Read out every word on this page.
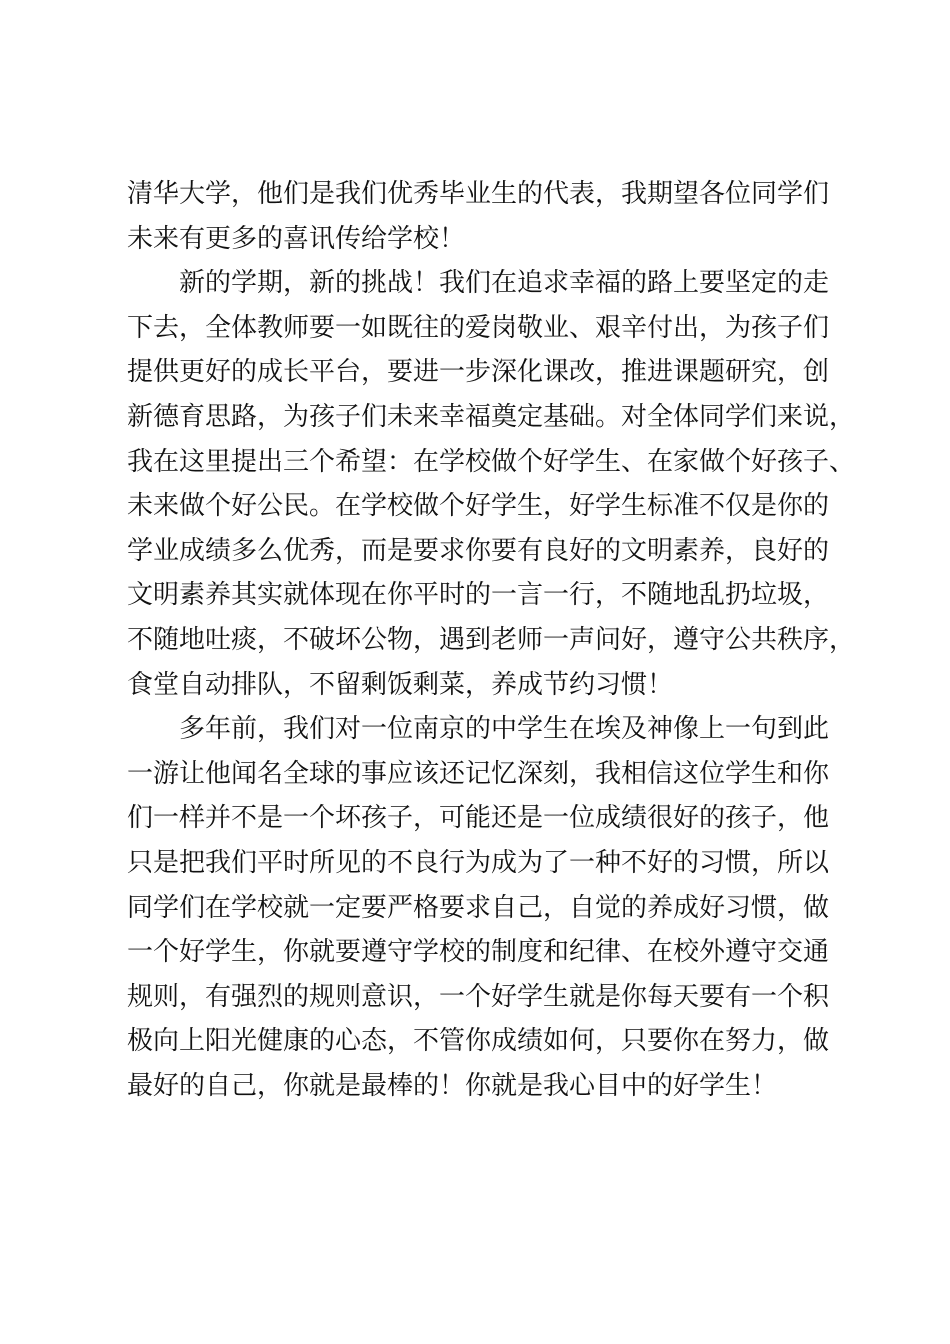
清华大学，他们是我们优秀毕业生的代表，我期望各位同学们
未来有更多的喜讯传给学校！
新的学期，新的挑战！我们在追求幸福的路上要坚定的走
下去，全体教师要一如既往的爱岗敬业、艰辛付出，为孩子们
提供更好的成长平台，要进一步深化课改，推进课题研究，创
新德育思路，为孩子们未来幸福奠定基础。对全体同学们来说，
我在这里提出三个希望：在学校做个好学生、在家做个好孩子、
未来做个好公民。在学校做个好学生，好学生标准不仅是你的
学业成绩多么优秀，而是要求你要有良好的文明素养，良好的
文明素养其实就体现在你平时的一言一行，不随地乱扔垃圾，
不随地吐痰，不破坏公物，遇到老师一声问好，遵守公共秩序，
食堂自动排队，不留剩饭剩菜，养成节约习惯！
多年前，我们对一位南京的中学生在埃及神像上一句到此
一游让他闻名全球的事应该还记忆深刻，我相信这位学生和你
们一样并不是一个坏孩子，可能还是一位成绩很好的孩子，他
只是把我们平时所见的不良行为成为了一种不好的习惯，所以
同学们在学校就一定要严格要求自己，自觉的养成好习惯，做
一个好学生，你就要遵守学校的制度和纪律、在校外遵守交通
规则，有强烈的规则意识，一个好学生就是你每天要有一个积
极向上阳光健康的心态，不管你成绩如何，只要你在努力，做
最好的自己，你就是最棒的！你就是我心目中的好学生！
